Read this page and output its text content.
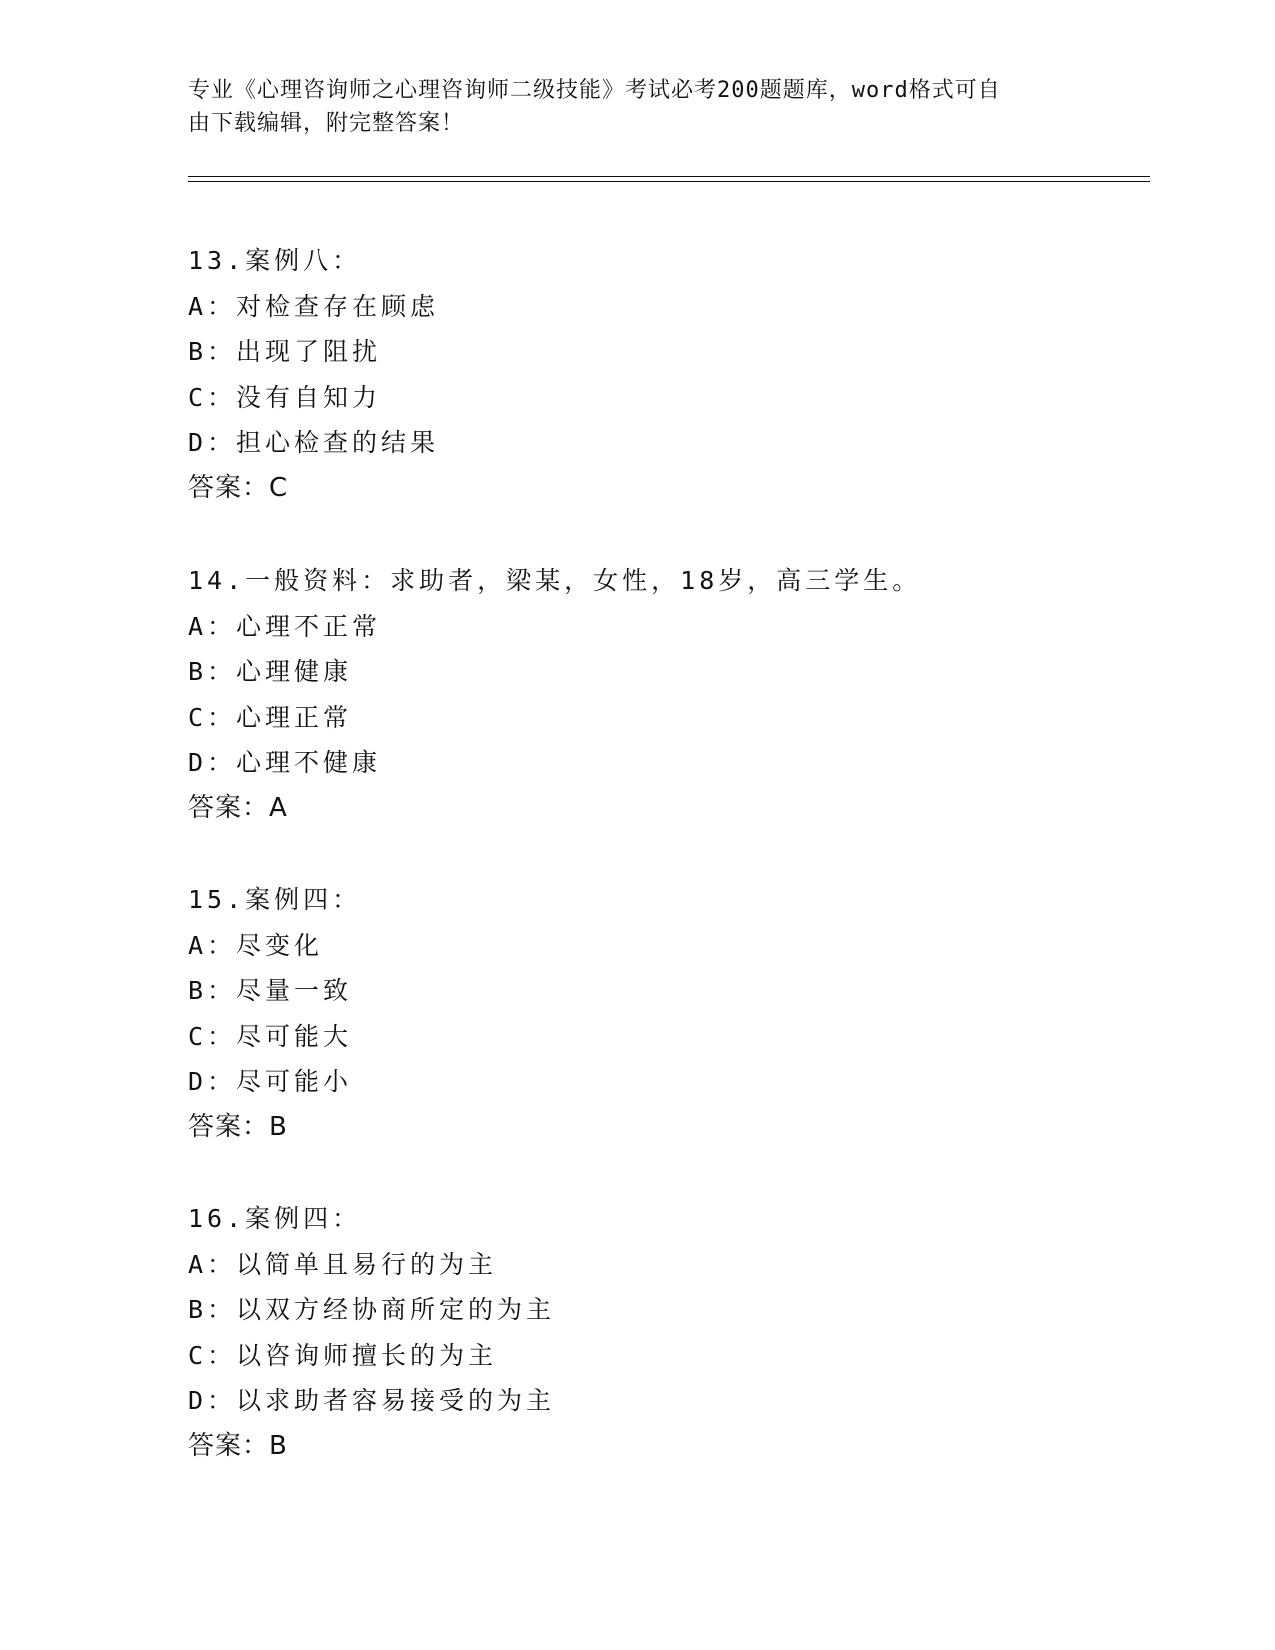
专业《心理咨询师之心理咨询师二级技能》考试必考200题题库，word格式可自
由下载编辑，附完整答案！
13.案例八：
A：对检查存在顾虑
B：出现了阻扰
C：没有自知力
D：担心检查的结果
答案：C
14.一般资料：求助者，梁某，女性，18岁，高三学生。
A：心理不正常
B：心理健康
C：心理正常
D：心理不健康
答案：A
15.案例四：
A：尽变化
B：尽量一致
C：尽可能大
D：尽可能小
答案：B
16.案例四：
A：以简单且易行的为主
B：以双方经协商所定的为主
C：以咨询师擅长的为主
D：以求助者容易接受的为主
答案：B
